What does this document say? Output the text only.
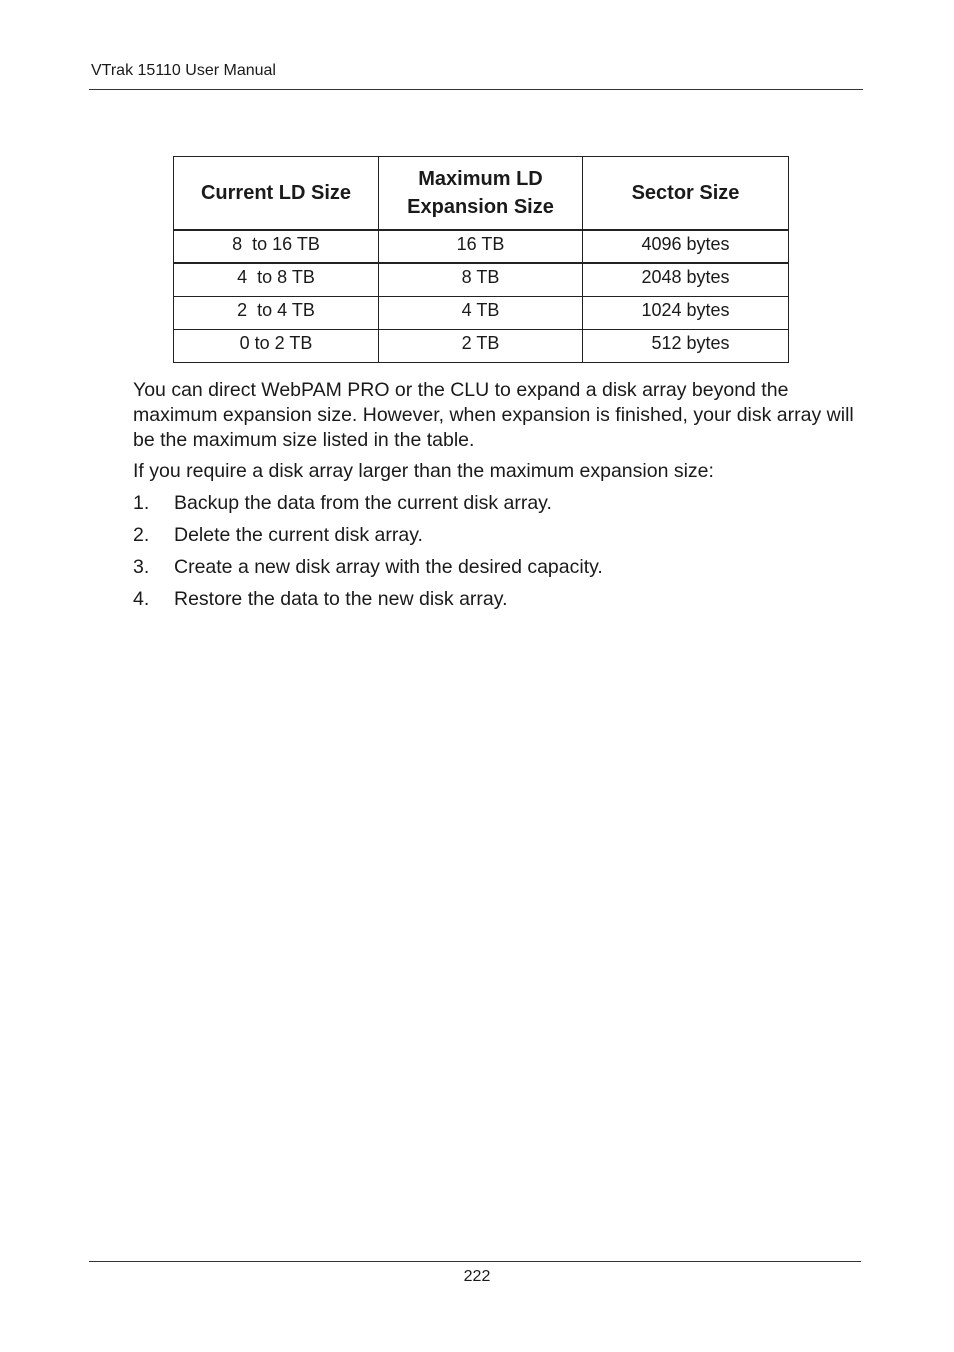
VTrak 15110 User Manual
Current LD Size	Maximum LD Expansion Size	Sector Size
8  to 16 TB	16 TB	4096 bytes
4  to 8 TB	8 TB	2048 bytes
2  to 4 TB	4 TB	1024 bytes
0 to 2 TB	2 TB	512 bytes

You can direct WebPAM PRO or the CLU to expand a disk array beyond the maximum expansion size. However, when expansion is finished, your disk array will be the maximum size listed in the table.

If you require a disk array larger than the maximum expansion size:

1. Backup the data from the current disk array.
2. Delete the current disk array.
3. Create a new disk array with the desired capacity.
4. Restore the data to the new disk array.
222
